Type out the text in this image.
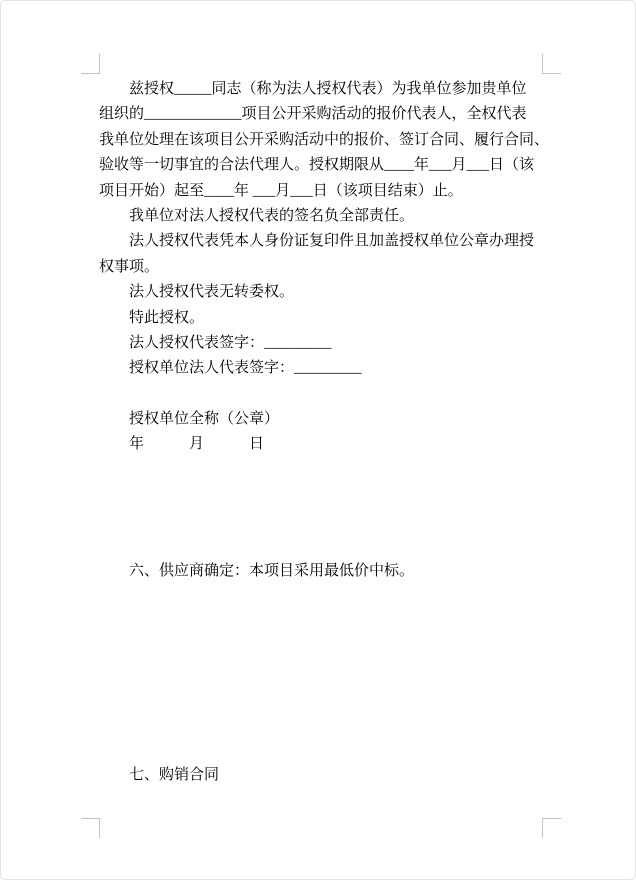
兹授权_____同志（称为法人授权代表）为我单位参加贵单位
组织的_____________项目公开采购活动的报价代表人，全权代表
我单位处理在该项目公开采购活动中的报价、签订合同、履行合同、
验收等一切事宜的合法代理人。授权期限从____年___月___日（该
项目开始）起至____年 ___月___日（该项目结束）止。
我单位对法人授权代表的签名负全部责任。
法人授权代表凭本人身份证复印件且加盖授权单位公章办理授
权事项。
法人授权代表无转委权。
特此授权。
法人授权代表签字：_________
授权单位法人代表签字：_________
授权单位全称（公章）
年　　　月　　　日
六、供应商确定：本项目采用最低价中标。
七、购销合同
